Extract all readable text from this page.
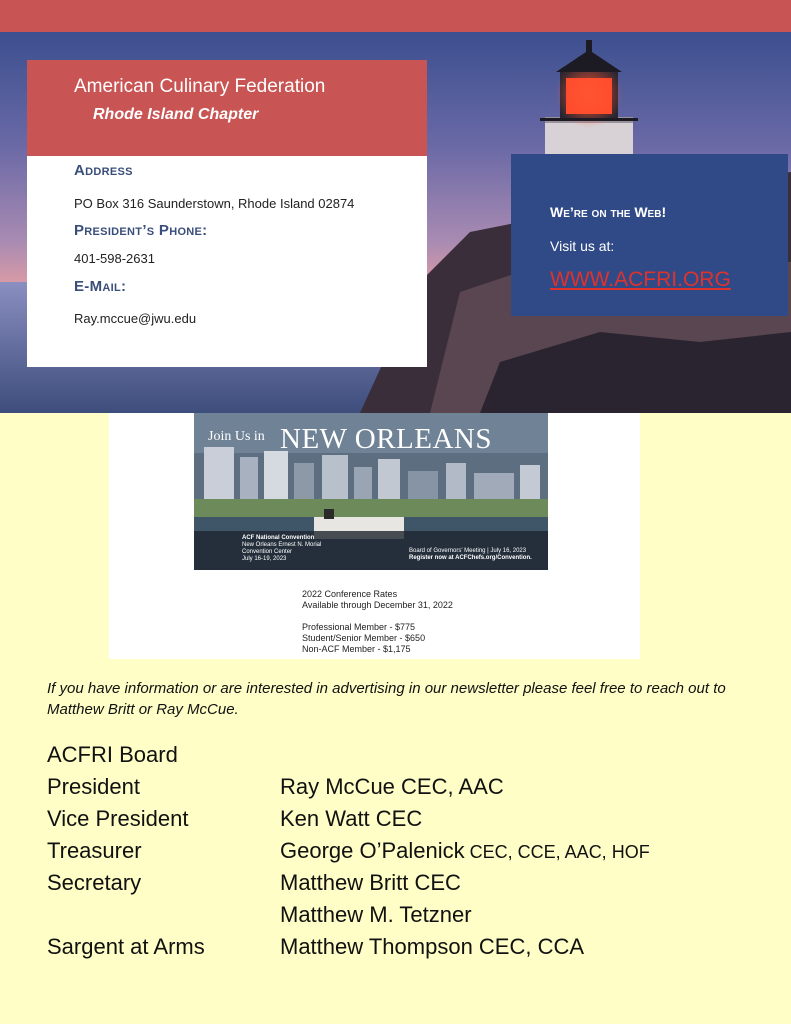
American Culinary Federation
Rhode Island Chapter
Address
PO Box 316 Saunderstown, Rhode Island 02874
President’s Phone:
401-598-2631
E-Mail:
Ray.mccue@jwu.edu
We’re on the Web!
Visit us at:
WWW.ACFRI.ORG
Join Us in NEW ORLEANS
ACF National Convention
New Orleans Ernest N. Morial
Convention Center
July 16-19, 2023
Board of Governors' Meeting | July 16, 2023
Register now at ACFChefs.org/Convention.
2022 Conference Rates
Available through December 31, 2022
Professional Member - $775
Student/Senior Member - $650
Non-ACF Member - $1,175
If you have information or are interested in advertising in our newsletter please feel free to reach out to Matthew Britt or Ray McCue.
ACFRI Board
President	Ray McCue CEC, AAC
Vice President	Ken Watt CEC
Treasurer	George O’Palenick CEC, CCE, AAC, HOF
Secretary	Matthew Britt CEC
Matthew M. Tetzner
Sargent at Arms	Matthew Thompson CEC, CCA
